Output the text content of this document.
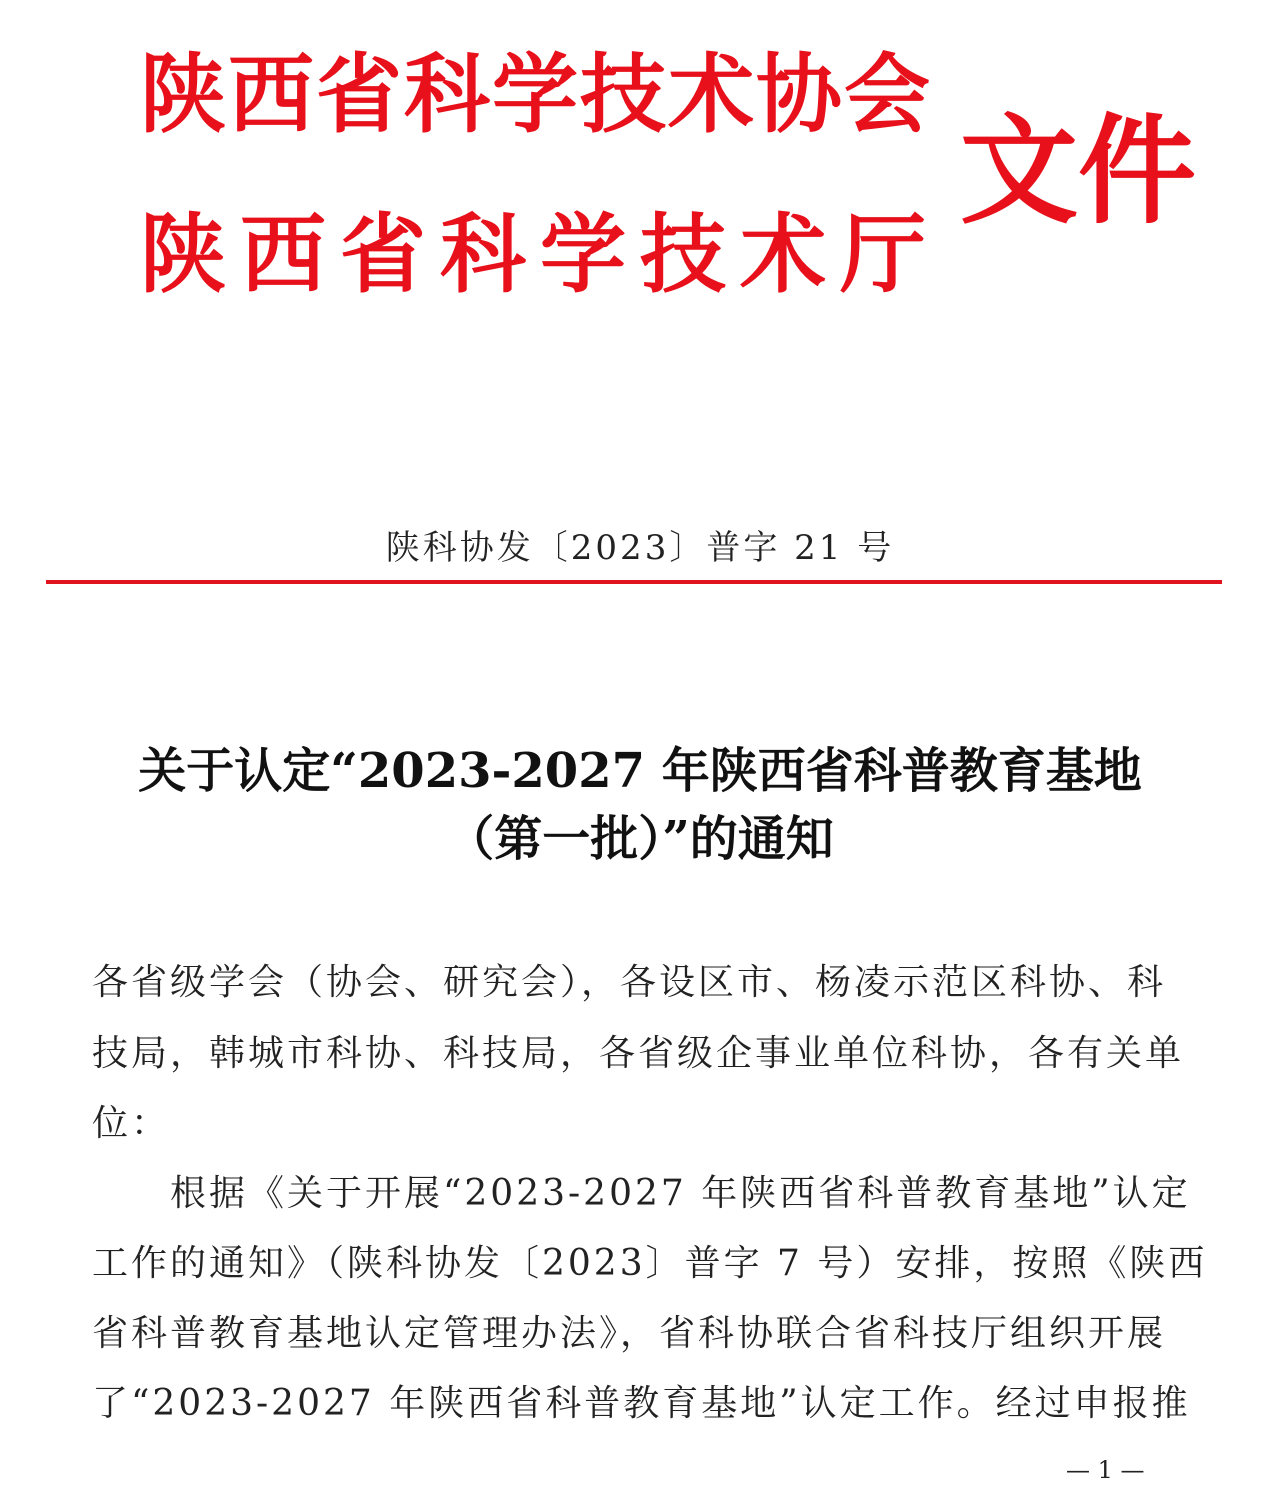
陕西省科学技术协会
陕西省科学技术厅
文件
陕科协发〔2023〕普字 21 号
关于认定“2023-2027 年陕西省科普教育基地
（第一批）”的通知
各省级学会（协会、研究会），各设区市、杨凌示范区科协、科
技局，韩城市科协、科技局，各省级企事业单位科协，各有关单
位：
　　根据《关于开展“2023-2027 年陕西省科普教育基地”认定
工作的通知》（陕科协发〔2023〕普字 7 号）安排，按照《陕西
省科普教育基地认定管理办法》，省科协联合省科技厅组织开展
了“2023-2027 年陕西省科普教育基地”认定工作。经过申报推
— 1 —
